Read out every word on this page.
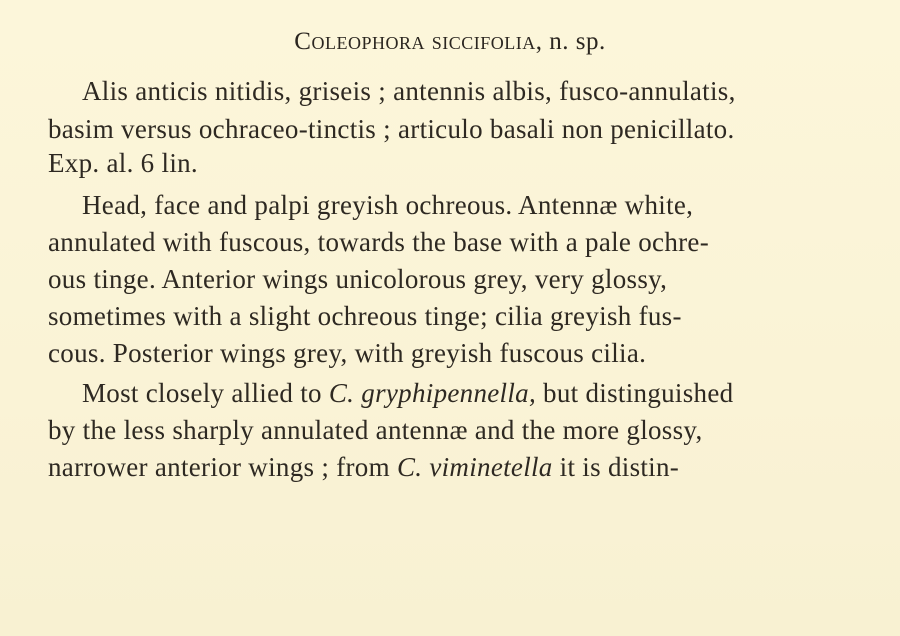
Coleophora siccifolia, n. sp.
Alis anticis nitidis, griseis ; antennis albis, fusco-annulatis,
basim versus ochraceo-tinctis ; articulo basali non penicillato.
Exp. al. 6 lin.
Head, face and palpi greyish ochreous. Antennæ white,
annulated with fuscous, towards the base with a pale ochre-
ous tinge. Anterior wings unicolorous grey, very glossy,
sometimes with a slight ochreous tinge; cilia greyish fus-
cous. Posterior wings grey, with greyish fuscous cilia.
Most closely allied to C. gryphipennella, but distinguished
by the less sharply annulated antennæ and the more glossy,
narrower anterior wings ; from C. viminetella it is distin-
